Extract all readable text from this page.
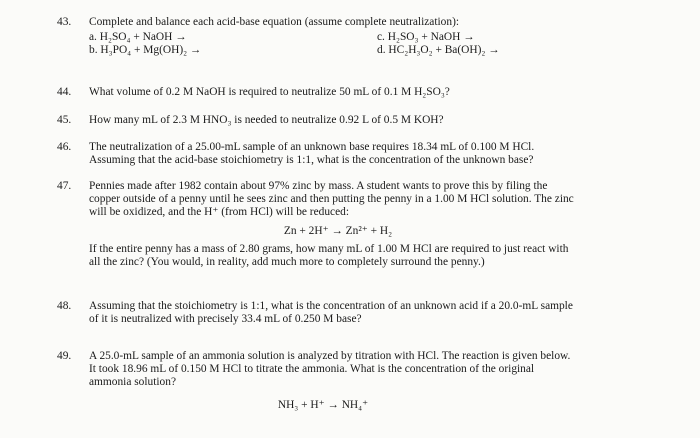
43.	Complete and balance each acid-base equation (assume complete neutralization):
a. H₂SO₄ + NaOH →	c. H₂SO₃ + NaOH →
b. H₃PO₄ + Mg(OH)₂ →	d. HC₂H₃O₂ + Ba(OH)₂ →
44.	What volume of 0.2 M NaOH is required to neutralize 50 mL of 0.1 M H₂SO₃?
45.	How many mL of 2.3 M HNO₃ is needed to neutralize 0.92 L of 0.5 M KOH?
46.	The neutralization of a 25.00-mL sample of an unknown base requires 18.34 mL of 0.100 M HCl.
Assuming that the acid-base stoichiometry is 1:1, what is the concentration of the unknown base?
47.	Pennies made after 1982 contain about 97% zinc by mass. A student wants to prove this by filing the
copper outside of a penny until he sees zinc and then putting the penny in a 1.00 M HCl solution. The zinc
will be oxidized, and the H⁺ (from HCl) will be reduced:
Zn + 2H⁺ → Zn²⁺ + H₂
If the entire penny has a mass of 2.80 grams, how many mL of 1.00 M HCl are required to just react with
all the zinc? (You would, in reality, add much more to completely surround the penny.)
48.	Assuming that the stoichiometry is 1:1, what is the concentration of an unknown acid if a 20.0-mL sample
of it is neutralized with precisely 33.4 mL of 0.250 M base?
49.	A 25.0-mL sample of an ammonia solution is analyzed by titration with HCl. The reaction is given below.
It took 18.96 mL of 0.150 M HCl to titrate the ammonia. What is the concentration of the original
ammonia solution?
NH₃ + H⁺ → NH₄⁺
